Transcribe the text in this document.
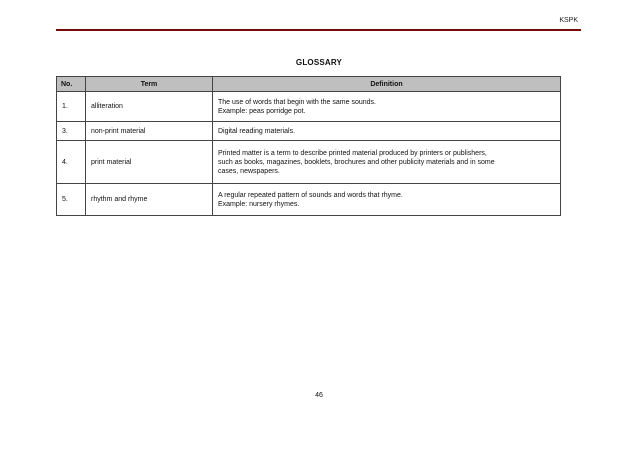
KSPK
GLOSSARY
No.	Term	Definition
1.	alliteration	The use of words that begin with the same sounds.
Example: peas porridge pot.

3.	non-print material	Digital reading materials.

4.	print material	Printed matter is a term to describe printed material produced by printers or publishers,
such as books, magazines, booklets, brochures and other publicity materials and in some
cases, newspapers.

5.	rhythm and rhyme	A regular repeated pattern of sounds and words that rhyme.
Example: nursery rhymes.
46
